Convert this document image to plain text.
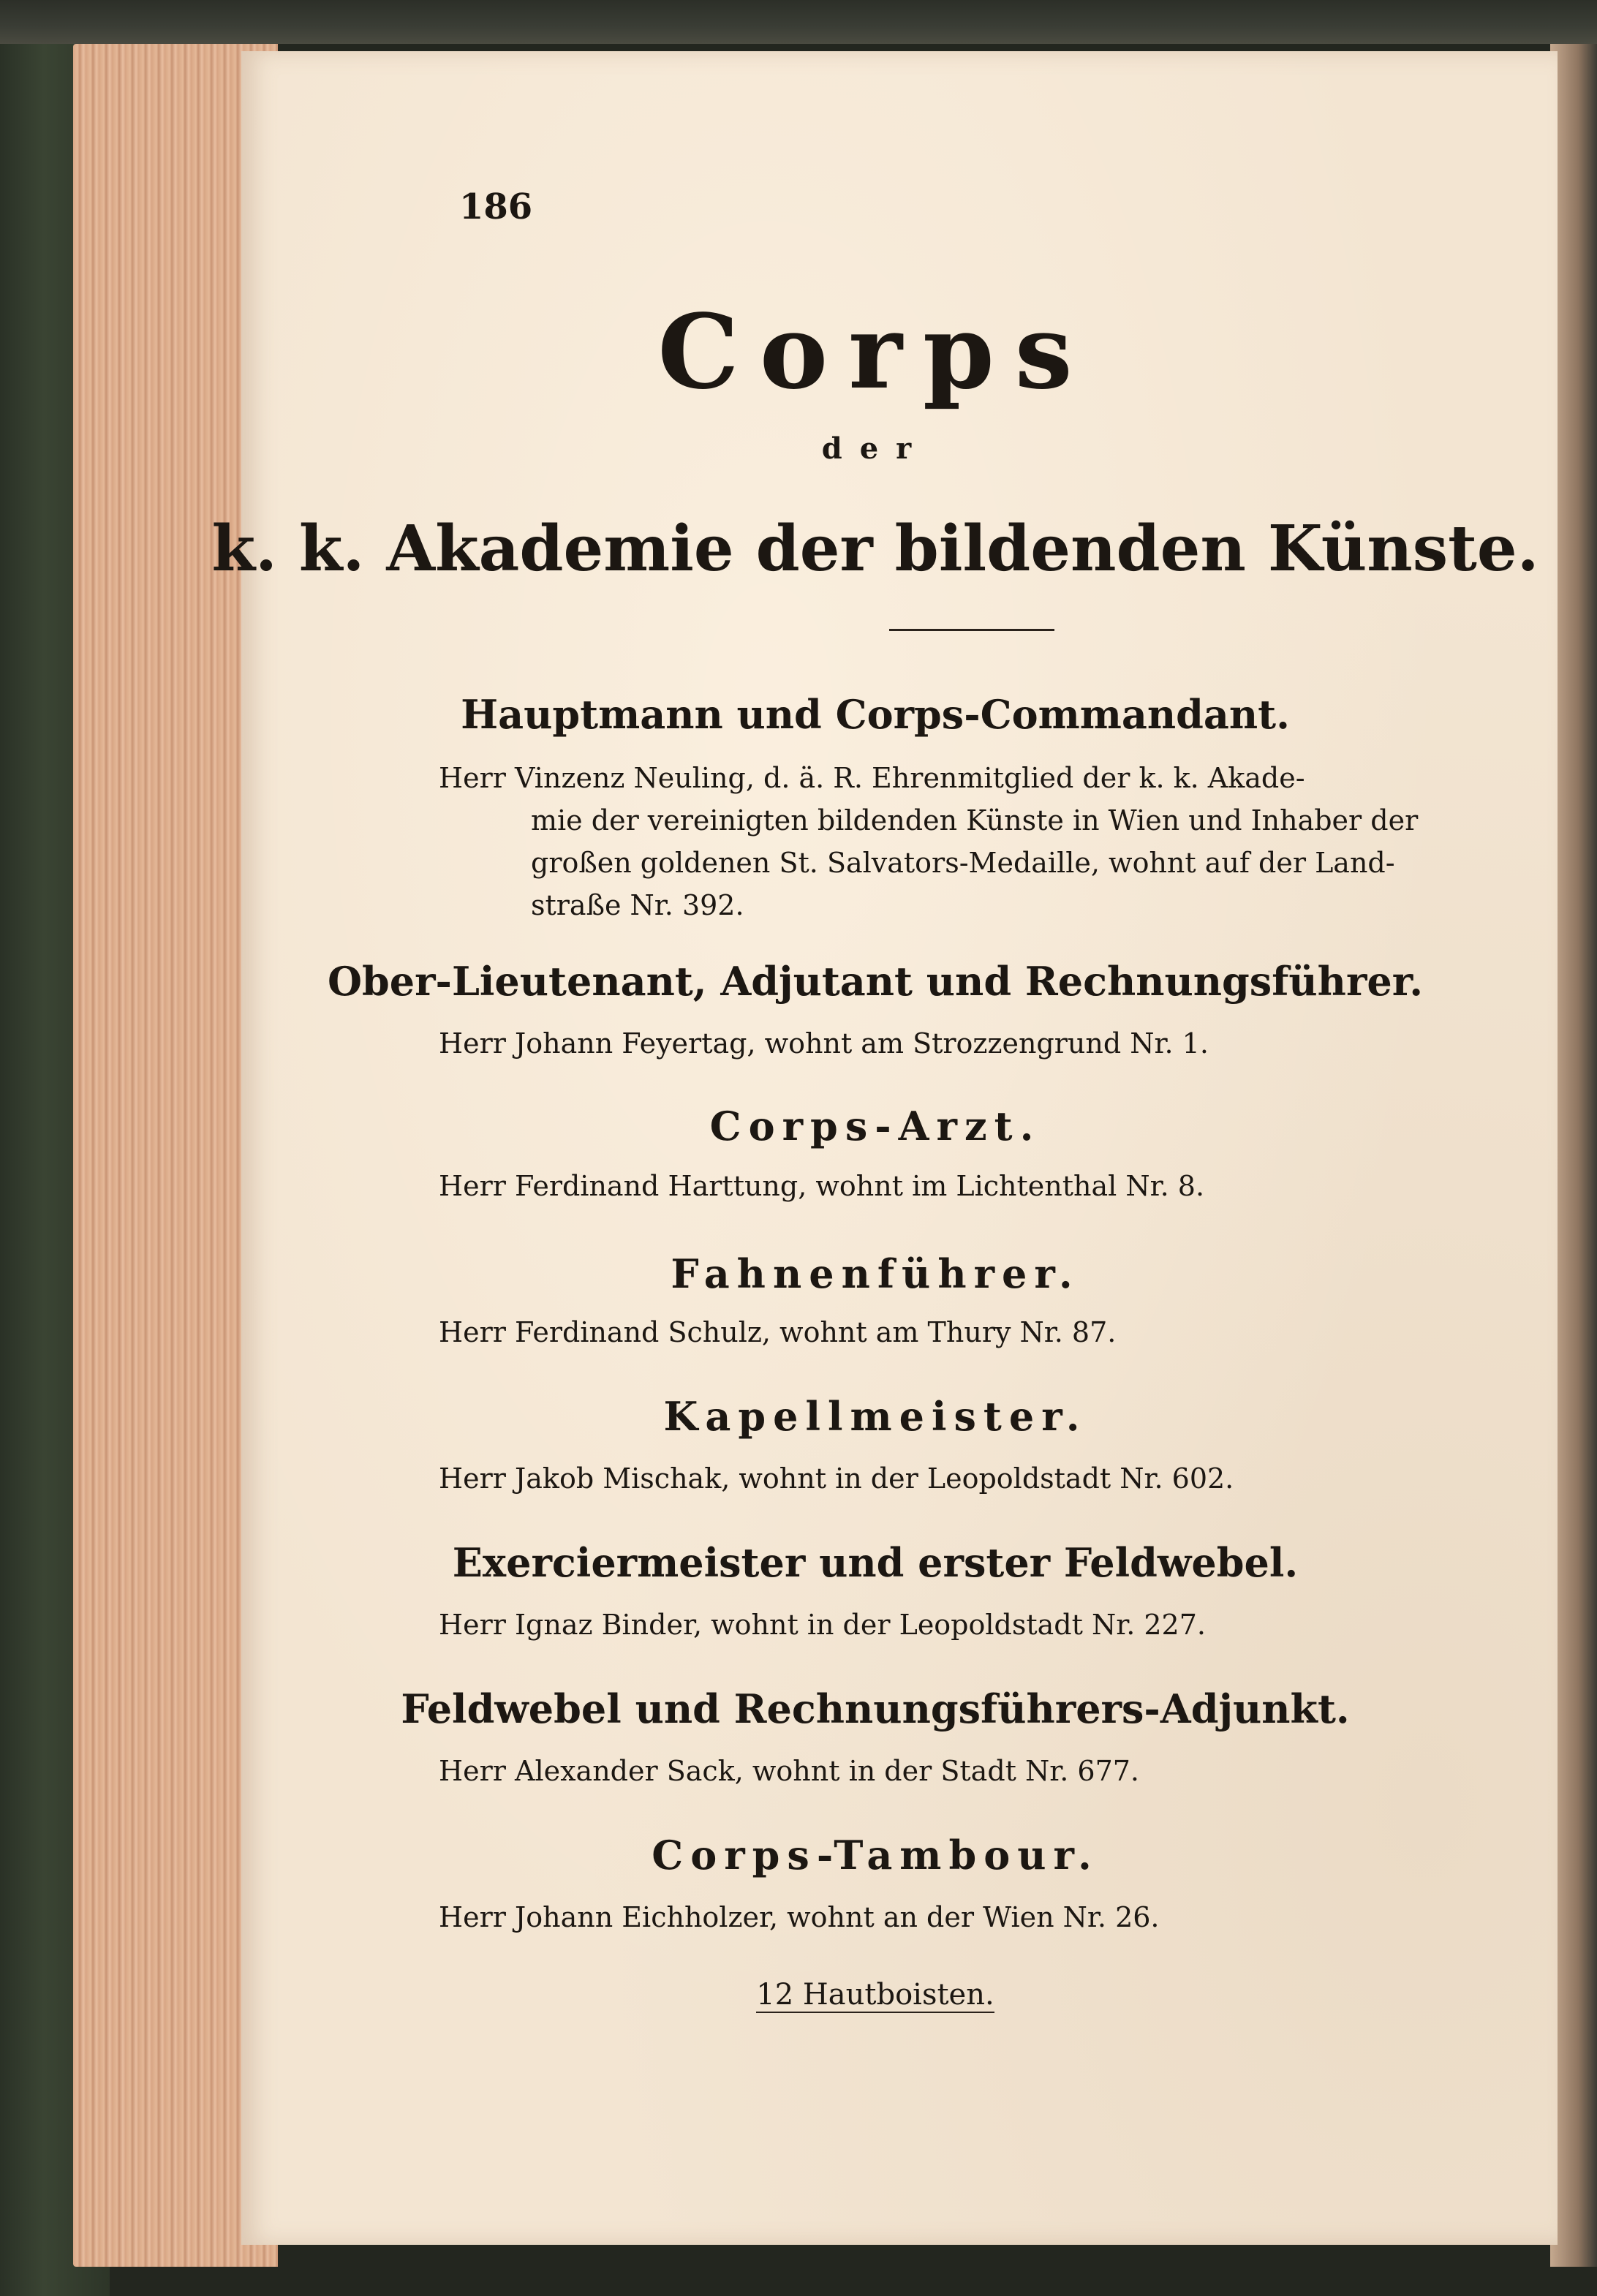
186
Corps
der
k. k. Akademie der bildenden Künste.
Hauptmann und Corps-Commandant.
Herr Vinzenz Neuling, d. ä. R. Ehrenmitglied der k. k. Akade-
mie der vereinigten bildenden Künste in Wien und Inhaber der
großen goldenen St. Salvators-Medaille, wohnt auf der Land-
straße Nr. 392.
Ober-Lieutenant, Adjutant und Rechnungsführer.
Herr Johann Feyertag, wohnt am Strozzengrund Nr. 1.
Corps-Arzt.
Herr Ferdinand Harttung, wohnt im Lichtenthal Nr. 8.
Fahnenführer.
Herr Ferdinand Schulz, wohnt am Thury Nr. 87.
Kapellmeister.
Herr Jakob Mischak, wohnt in der Leopoldstadt Nr. 602.
Exerciermeister und erster Feldwebel.
Herr Ignaz Binder, wohnt in der Leopoldstadt Nr. 227.
Feldwebel und Rechnungsführers-Adjunkt.
Herr Alexander Sack, wohnt in der Stadt Nr. 677.
Corps-Tambour.
Herr Johann Eichholzer, wohnt an der Wien Nr. 26.
12 Hautboisten.
